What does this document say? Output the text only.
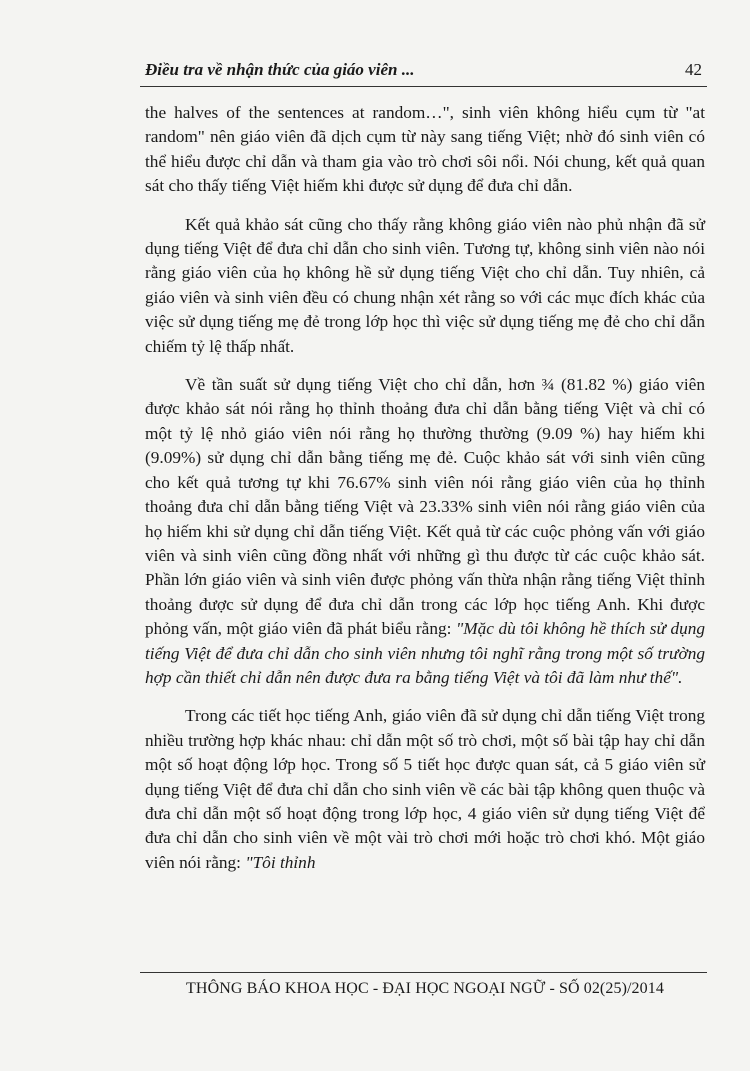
Điều tra về nhận thức của giáo viên ...	42

the halves of the sentences at random…", sinh viên không hiểu cụm từ "at random" nên giáo viên đã dịch cụm từ này sang tiếng Việt; nhờ đó sinh viên có thể hiểu được chỉ dẫn và tham gia vào trò chơi sôi nổi. Nói chung, kết quả quan sát cho thấy tiếng Việt hiếm khi được sử dụng để đưa chỉ dẫn.

Kết quả khảo sát cũng cho thấy rằng không giáo viên nào phủ nhận đã sử dụng tiếng Việt để đưa chỉ dẫn cho sinh viên. Tương tự, không sinh viên nào nói rằng giáo viên của họ không hề sử dụng tiếng Việt cho chỉ dẫn. Tuy nhiên, cả giáo viên và sinh viên đều có chung nhận xét rằng so với các mục đích khác của việc sử dụng tiếng mẹ đẻ trong lớp học thì việc sử dụng tiếng mẹ đẻ cho chỉ dẫn chiếm tỷ lệ thấp nhất.

Về tần suất sử dụng tiếng Việt cho chỉ dẫn, hơn ¾ (81.82 %) giáo viên được khảo sát nói rằng họ thỉnh thoảng đưa chỉ dẫn bằng tiếng Việt và chỉ có một tỷ lệ nhỏ giáo viên nói rằng họ thường thường (9.09 %) hay hiếm khi (9.09%) sử dụng chỉ dẫn bằng tiếng mẹ đẻ. Cuộc khảo sát với sinh viên cũng cho kết quả tương tự khi 76.67% sinh viên nói rằng giáo viên của họ thỉnh thoảng đưa chỉ dẫn bằng tiếng Việt và 23.33% sinh viên nói rằng giáo viên của họ hiếm khi sử dụng chỉ dẫn tiếng Việt. Kết quả từ các cuộc phỏng vấn với giáo viên và sinh viên cũng đồng nhất với những gì thu được từ các cuộc khảo sát. Phần lớn giáo viên và sinh viên được phỏng vấn thừa nhận rằng tiếng Việt thỉnh thoảng được sử dụng để đưa chỉ dẫn trong các lớp học tiếng Anh. Khi được phỏng vấn, một giáo viên đã phát biểu rằng: "Mặc dù tôi không hề thích sử dụng tiếng Việt để đưa chỉ dẫn cho sinh viên nhưng tôi nghĩ rằng trong một số trường hợp cần thiết chỉ dẫn nên được đưa ra bằng tiếng Việt và tôi đã làm như thế".

Trong các tiết học tiếng Anh, giáo viên đã sử dụng chỉ dẫn tiếng Việt trong nhiều trường hợp khác nhau: chỉ dẫn một số trò chơi, một số bài tập hay chỉ dẫn một số hoạt động lớp học. Trong số 5 tiết học được quan sát, cả 5 giáo viên sử dụng tiếng Việt để đưa chỉ dẫn cho sinh viên về các bài tập không quen thuộc và đưa chỉ dẫn một số hoạt động trong lớp học, 4 giáo viên sử dụng tiếng Việt để đưa chỉ dẫn cho sinh viên về một vài trò chơi mới hoặc trò chơi khó. Một giáo viên nói rằng: "Tôi thỉnh

THÔNG BÁO KHOA HỌC - ĐẠI HỌC NGOẠI NGỮ - SỐ 02(25)/2014
